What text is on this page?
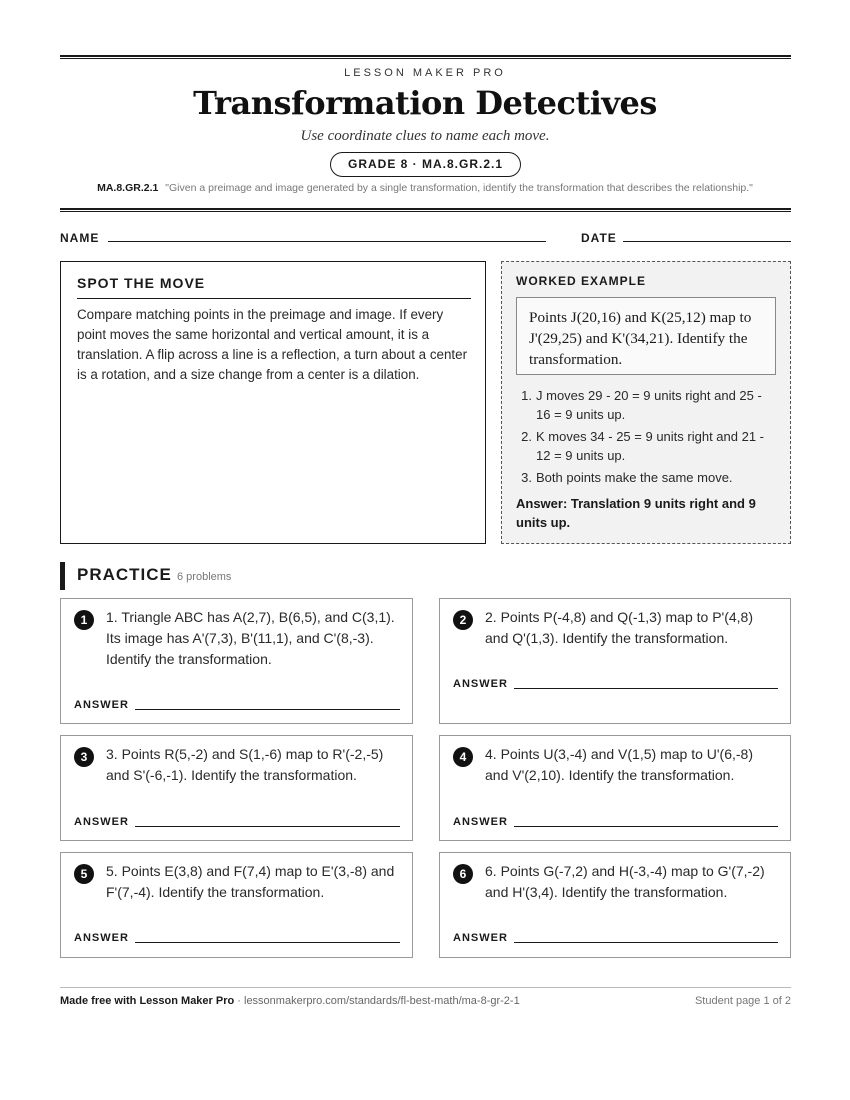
LESSON MAKER PRO
Transformation Detectives
Use coordinate clues to name each move.
GRADE 8 · MA.8.GR.2.1
MA.8.GR.2.1 "Given a preimage and image generated by a single transformation, identify the transformation that describes the relationship."
NAME	DATE
SPOT THE MOVE
Compare matching points in the preimage and image. If every point moves the same horizontal and vertical amount, it is a translation. A flip across a line is a reflection, a turn about a center is a rotation, and a size change from a center is a dilation.
WORKED EXAMPLE
Points J(20,16) and K(25,12) map to J'(29,25) and K'(34,21). Identify the transformation.
1. J moves 29 - 20 = 9 units right and 25 - 16 = 9 units up.
2. K moves 34 - 25 = 9 units right and 21 - 12 = 9 units up.
3. Both points make the same move.
Answer: Translation 9 units right and 9 units up.
PRACTICE 6 problems
1	1. Triangle ABC has A(2,7), B(6,5), and C(3,1). Its image has A'(7,3), B'(11,1), and C'(8,-3). Identify the transformation.
ANSWER
2	2. Points P(-4,8) and Q(-1,3) map to P'(4,8) and Q'(1,3). Identify the transformation.
ANSWER
3	3. Points R(5,-2) and S(1,-6) map to R'(-2,-5) and S'(-6,-1). Identify the transformation.
ANSWER
4	4. Points U(3,-4) and V(1,5) map to U'(6,-8) and V'(2,10). Identify the transformation.
ANSWER
5	5. Points E(3,8) and F(7,4) map to E'(3,-8) and F'(7,-4). Identify the transformation.
ANSWER
6	6. Points G(-7,2) and H(-3,-4) map to G'(7,-2) and H'(3,4). Identify the transformation.
ANSWER
Made free with Lesson Maker Pro · lessonmakerpro.com/standards/fl-best-math/ma-8-gr-2-1	Student page 1 of 2
